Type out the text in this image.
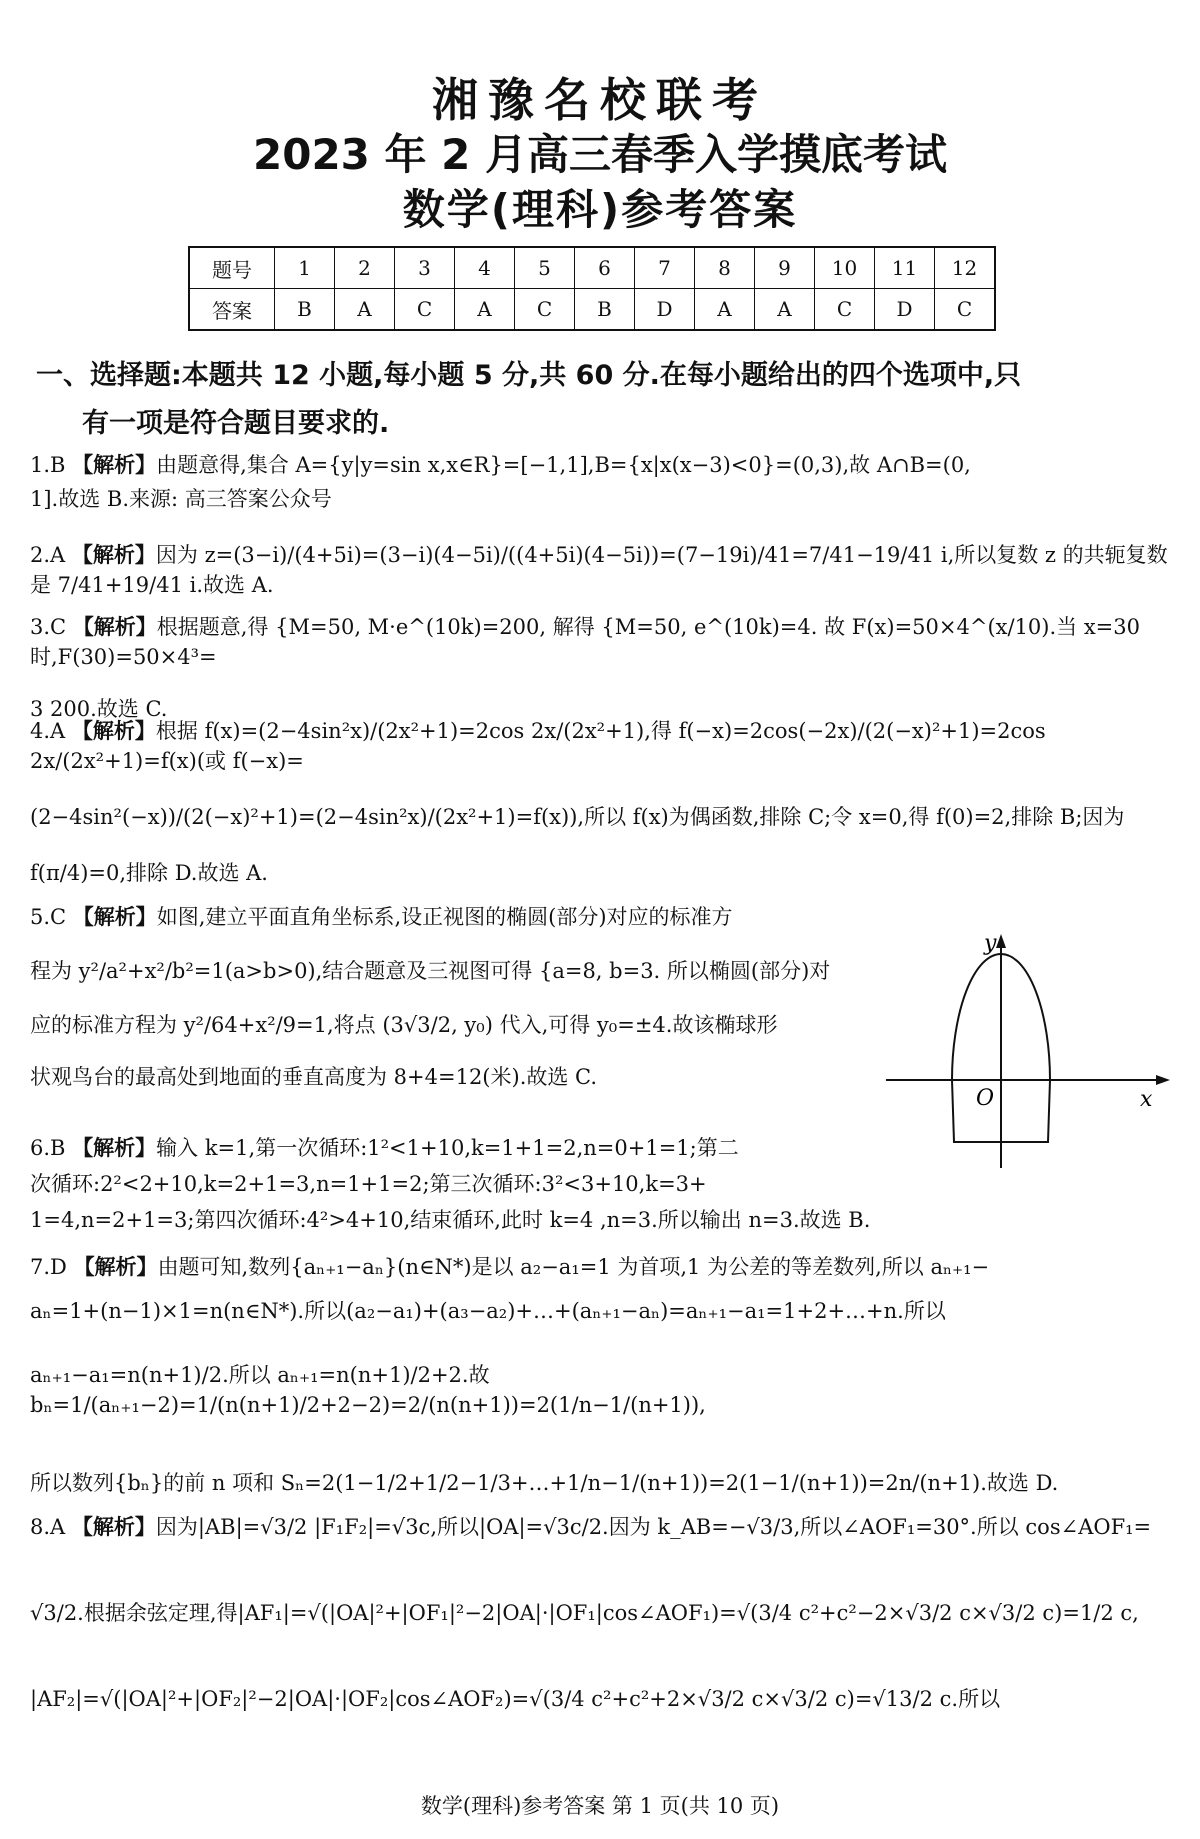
湘豫名校联考
2023 年 2 月高三春季入学摸底考试
数学(理科)参考答案
题号	1	2	3	4	5	6	7	8	9	10	11	12
答案	B	A	C	A	C	B	D	A	A	C	D	C
一、选择题:本题共 12 小题,每小题 5 分,共 60 分.在每小题给出的四个选项中,只
有一项是符合题目要求的.
1.B 【解析】由题意得,集合 A={y|y=sin x,x∈R}=[−1,1],B={x|x(x−3)<0}=(0,3),故 A∩B=(0,
1].故选 B.来源: 高三答案公众号
2.A 【解析】因为 z=(3−i)/(4+5i)=(3−i)(4−5i)/((4+5i)(4−5i))=(7−19i)/41=7/41−19/41 i,所以复数 z 的共轭复数是 7/41+19/41 i.故选 A.
3.C 【解析】根据题意,得 {M=50, M·e^(10k)=200, 解得 {M=50, e^(10k)=4. 故 F(x)=50×4^(x/10).当 x=30 时,F(30)=50×4³=
3 200.故选 C.
4.A 【解析】根据 f(x)=(2−4sin²x)/(2x²+1)=2cos 2x/(2x²+1),得 f(−x)=2cos(−2x)/(2(−x)²+1)=2cos 2x/(2x²+1)=f(x)(或 f(−x)=
(2−4sin²(−x))/(2(−x)²+1)=(2−4sin²x)/(2x²+1)=f(x)),所以 f(x)为偶函数,排除 C;令 x=0,得 f(0)=2,排除 B;因为
f(π/4)=0,排除 D.故选 A.
5.C 【解析】如图,建立平面直角坐标系,设正视图的椭圆(部分)对应的标准方
程为 y²/a²+x²/b²=1(a>b>0),结合题意及三视图可得 {a=8, b=3. 所以椭圆(部分)对
应的标准方程为 y²/64+x²/9=1,将点 (3√3/2, y₀) 代入,可得 y₀=±4.故该椭球形
状观鸟台的最高处到地面的垂直高度为 8+4=12(米).故选 C.
y
x
O
6.B 【解析】输入 k=1,第一次循环:1²<1+10,k=1+1=2,n=0+1=1;第二
次循环:2²<2+10,k=2+1=3,n=1+1=2;第三次循环:3²<3+10,k=3+
1=4,n=2+1=3;第四次循环:4²>4+10,结束循环,此时 k=4 ,n=3.所以输出 n=3.故选 B.
7.D 【解析】由题可知,数列{aₙ₊₁−aₙ}(n∈N*)是以 a₂−a₁=1 为首项,1 为公差的等差数列,所以 aₙ₊₁−
aₙ=1+(n−1)×1=n(n∈N*).所以(a₂−a₁)+(a₃−a₂)+…+(aₙ₊₁−aₙ)=aₙ₊₁−a₁=1+2+…+n.所以
aₙ₊₁−a₁=n(n+1)/2.所以 aₙ₊₁=n(n+1)/2+2.故 bₙ=1/(aₙ₊₁−2)=1/(n(n+1)/2+2−2)=2/(n(n+1))=2(1/n−1/(n+1)),
所以数列{bₙ}的前 n 项和 Sₙ=2(1−1/2+1/2−1/3+…+1/n−1/(n+1))=2(1−1/(n+1))=2n/(n+1).故选 D.
8.A 【解析】因为|AB|=√3/2 |F₁F₂|=√3c,所以|OA|=√3c/2.因为 k_AB=−√3/3,所以∠AOF₁=30°.所以 cos∠AOF₁=
√3/2.根据余弦定理,得|AF₁|=√(|OA|²+|OF₁|²−2|OA|·|OF₁|cos∠AOF₁)=√(3/4 c²+c²−2×√3/2 c×√3/2 c)=1/2 c,
|AF₂|=√(|OA|²+|OF₂|²−2|OA|·|OF₂|cos∠AOF₂)=√(3/4 c²+c²+2×√3/2 c×√3/2 c)=√13/2 c.所以
数学(理科)参考答案 第 1 页(共 10 页)
